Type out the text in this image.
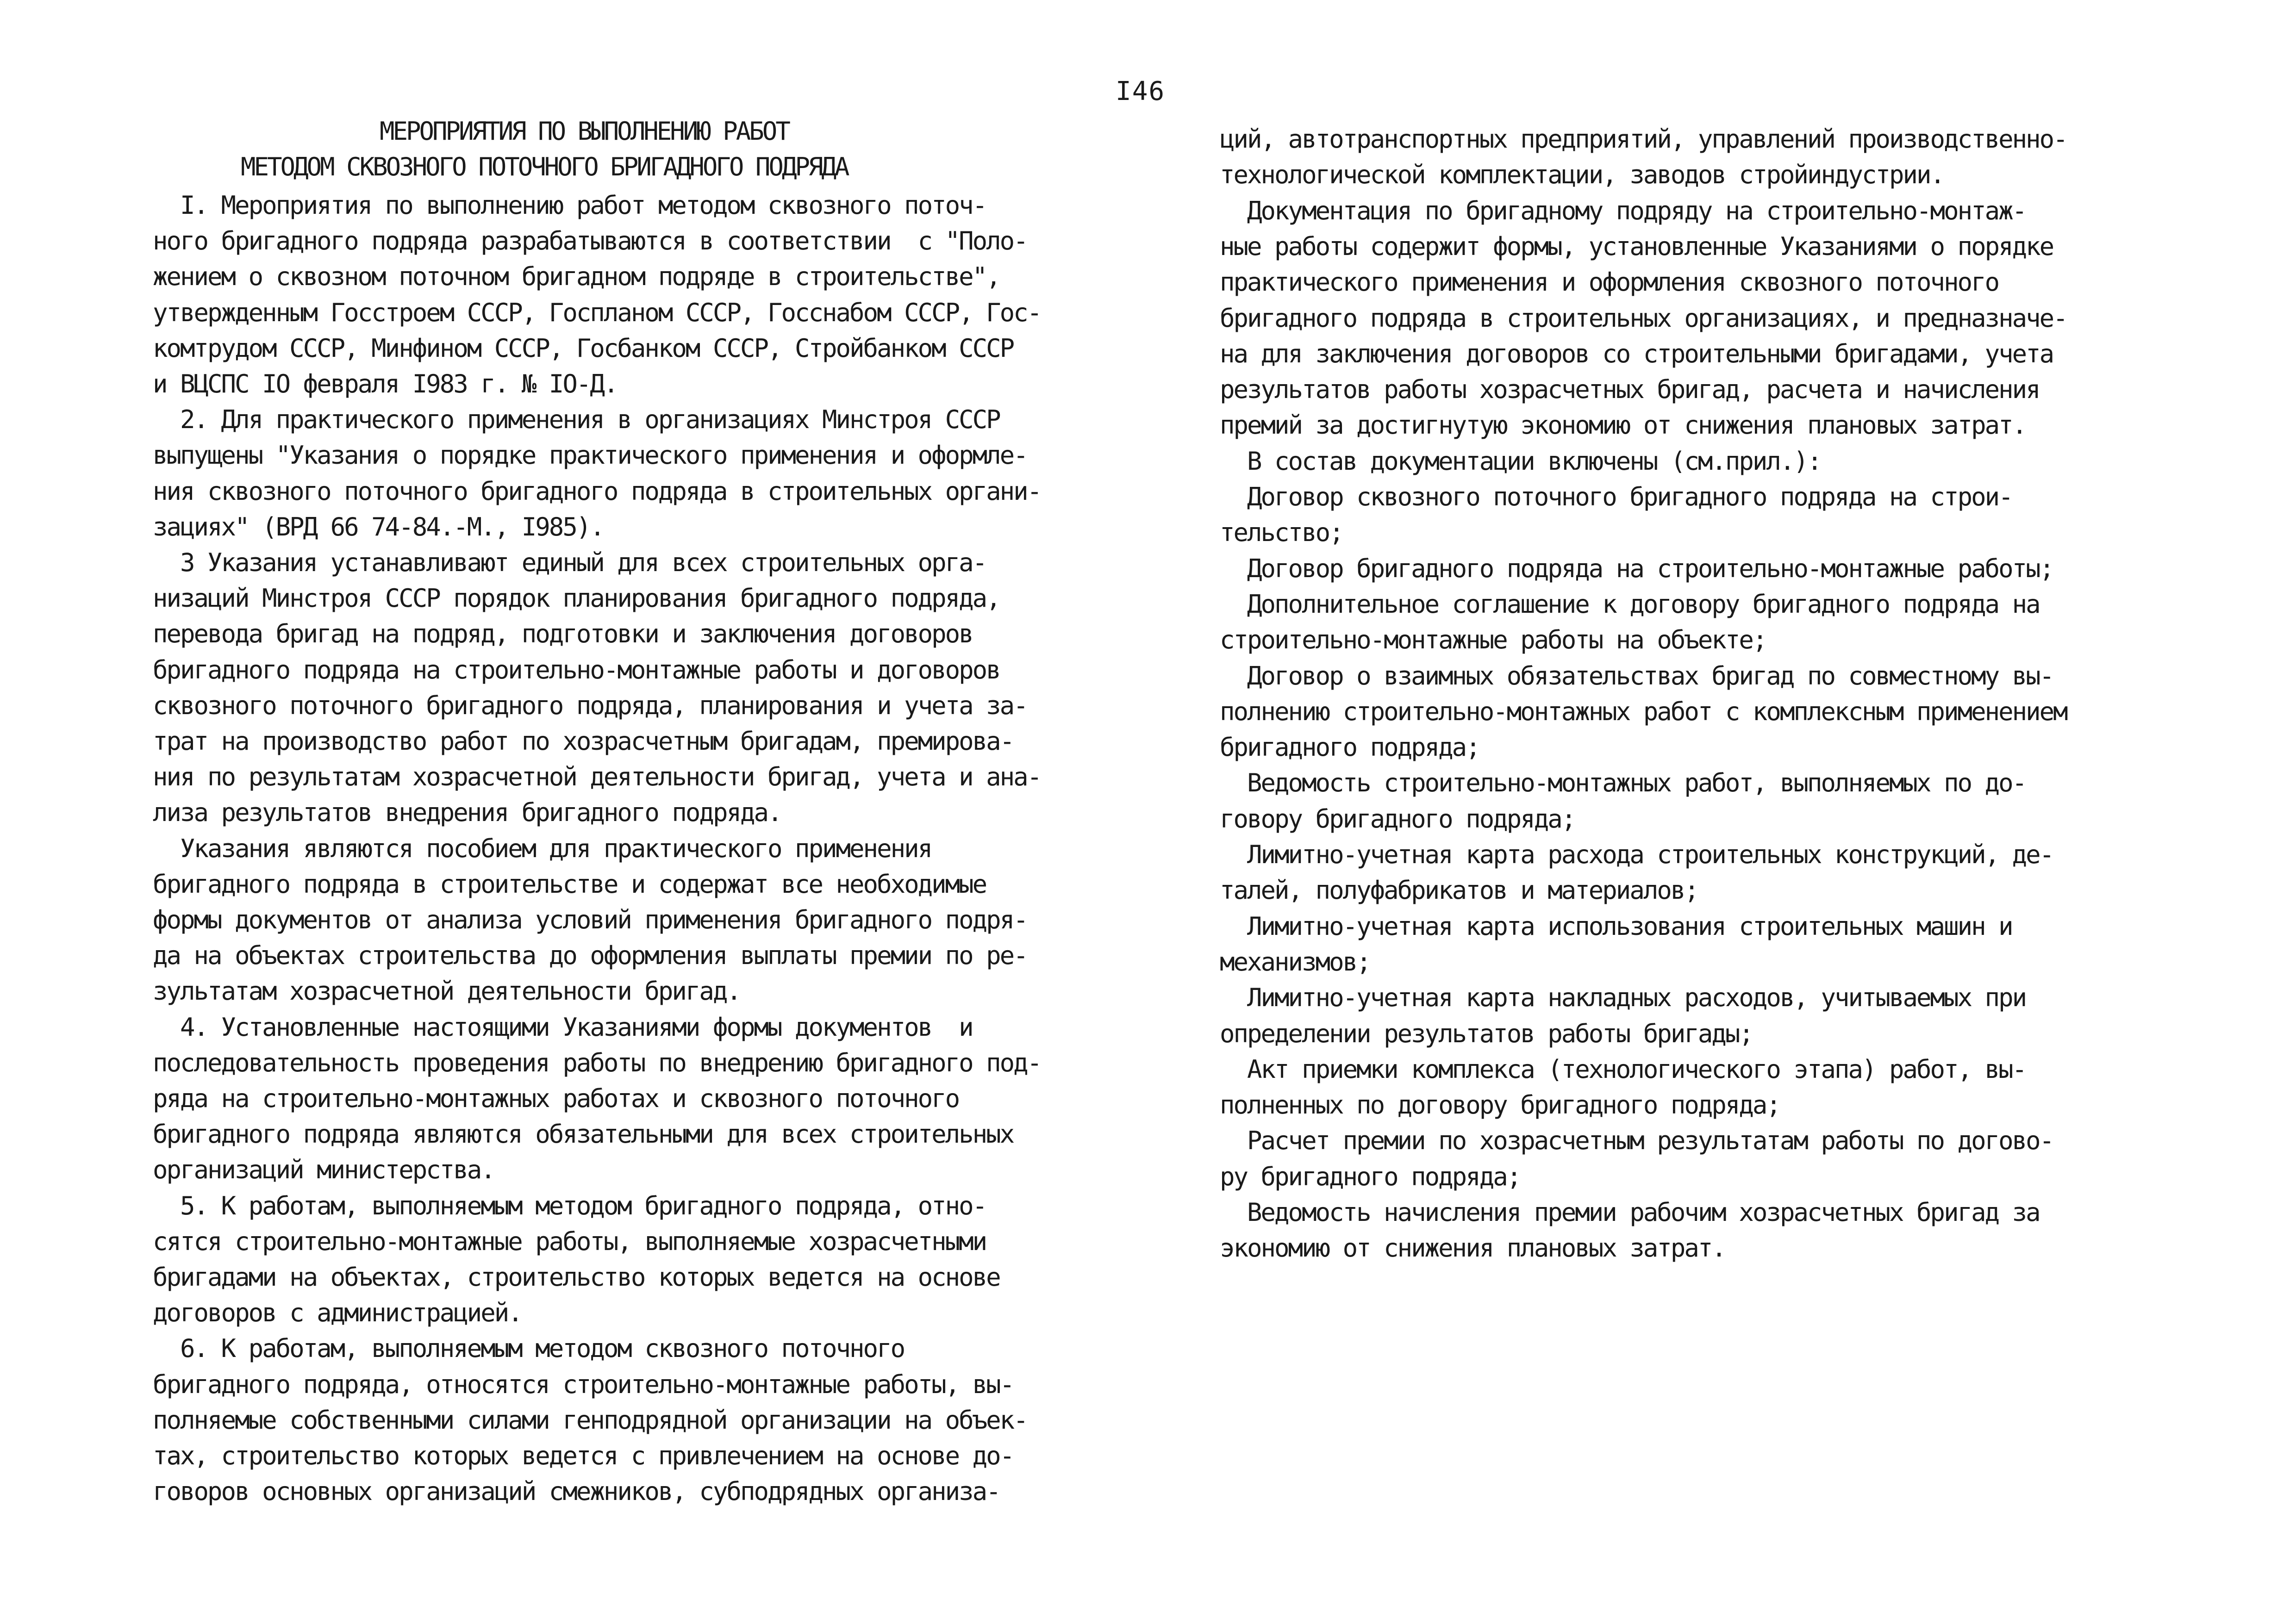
I46
МЕРОПРИЯТИЯ ПО ВЫПОЛНЕНИЮ РАБОТ
МЕТОДОМ СКВОЗНОГО ПОТОЧНОГО БРИГАДНОГО ПОДРЯДА
I. Мероприятия по выполнению работ методом сквозного поточ-
ного бригадного подряда разрабатываются в соответствии  с "Поло-
жением о сквозном поточном бригадном подряде в строительстве",
утвержденным Госстроем СССР, Госпланом СССР, Госснабом СССР, Гос-
комтрудом СССР, Минфином СССР, Госбанком СССР, Стройбанком СССР
и ВЦСПС IO февраля I983 г. № IO-Д.
2. Для практического применения в организациях Минстроя СССР
выпущены "Указания о порядке практического применения и оформле-
ния сквозного поточного бригадного подряда в строительных органи-
зациях" (ВРД 66 74-84.-М., I985).
3 Указания устанавливают единый для всех строительных орга-
низаций Минстроя СССР порядок планирования бригадного подряда,
перевода бригад на подряд, подготовки и заключения договоров
бригадного подряда на строительно-монтажные работы и договоров
сквозного поточного бригадного подряда, планирования и учета за-
трат на производство работ по хозрасчетным бригадам, премирова-
ния по результатам хозрасчетной деятельности бригад, учета и ана-
лиза результатов внедрения бригадного подряда.
Указания являются пособием для практического применения
бригадного подряда в строительстве и содержат все необходимые
формы документов от анализа условий применения бригадного подря-
да на объектах строительства до оформления выплаты премии по ре-
зультатам хозрасчетной деятельности бригад.
4. Установленные настоящими Указаниями формы документов  и
последовательность проведения работы по внедрению бригадного под-
ряда на строительно-монтажных работах и сквозного поточного
бригадного подряда являются обязательными для всех строительных
организаций министерства.
5. К работам, выполняемым методом бригадного подряда, отно-
сятся строительно-монтажные работы, выполняемые хозрасчетными
бригадами на объектах, строительство которых ведется на основе
договоров с администрацией.
6. К работам, выполняемым методом сквозного поточного
бригадного подряда, относятся строительно-монтажные работы, вы-
полняемые собственными силами генподрядной организации на объек-
тах, строительство которых ведется с привлечением на основе до-
говоров основных организаций смежников, субподрядных организа-
ций, автотранспортных предприятий, управлений производственно-
технологической комплектации, заводов стройиндустрии.
Документация по бригадному подряду на строительно-монтаж-
ные работы содержит формы, установленные Указаниями о порядке
практического применения и оформления сквозного поточного
бригадного подряда в строительных организациях, и предназначе-
на для заключения договоров со строительными бригадами, учета
результатов работы хозрасчетных бригад, расчета и начисления
премий за достигнутую экономию от снижения плановых затрат.
В состав документации включены (см.прил.):
Договор сквозного поточного бригадного подряда на строи-
тельство;
Договор бригадного подряда на строительно-монтажные работы;
Дополнительное соглашение к договору бригадного подряда на
строительно-монтажные работы на объекте;
Договор о взаимных обязательствах бригад по совместному вы-
полнению строительно-монтажных работ с комплексным применением
бригадного подряда;
Ведомость строительно-монтажных работ, выполняемых по до-
говору бригадного подряда;
Лимитно-учетная карта расхода строительных конструкций, де-
талей, полуфабрикатов и материалов;
Лимитно-учетная карта использования строительных машин и
механизмов;
Лимитно-учетная карта накладных расходов, учитываемых при
определении результатов работы бригады;
Акт приемки комплекса (технологического этапа) работ, вы-
полненных по договору бригадного подряда;
Расчет премии по хозрасчетным результатам работы по догово-
ру бригадного подряда;
Ведомость начисления премии рабочим хозрасчетных бригад за
экономию от снижения плановых затрат.
